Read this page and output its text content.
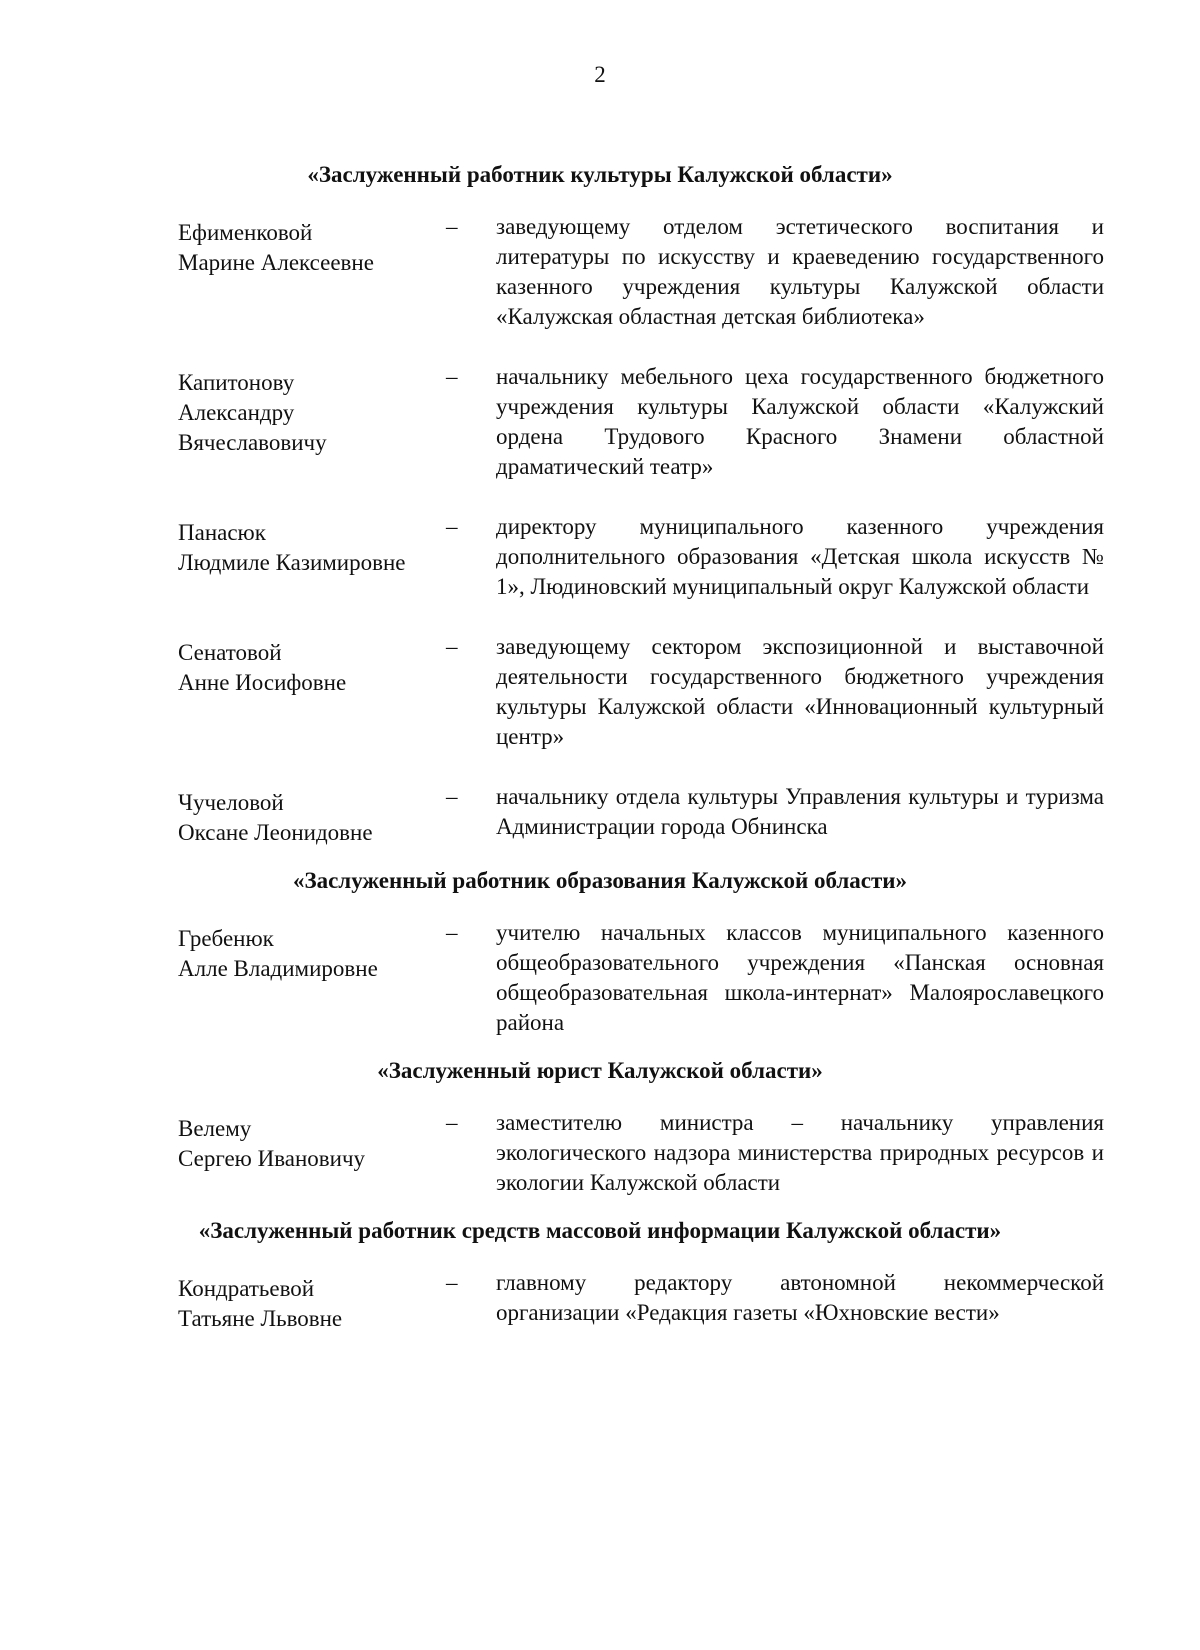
2
«Заслуженный работник культуры Калужской области»
Ефименковой
Марине Алексеевне
–	заведующему отделом эстетического воспитания и литературы по искусству и краеведению государственного казенного учреждения культуры Калужской области «Калужская областная детская библиотека»
Капитонову
Александру
Вячеславовичу
–	начальнику мебельного цеха государственного бюджетного учреждения культуры Калужской области «Калужский ордена Трудового Красного Знамени областной драматический театр»
Панасюк
Людмиле Казимировне
–	директору муниципального казенного учреждения дополнительного образования «Детская школа искусств № 1», Людиновский муниципальный округ Калужской области
Сенатовой
Анне Иосифовне
–	заведующему сектором экспозиционной и выставочной деятельности государственного бюджетного учреждения культуры Калужской области «Инновационный культурный центр»
Чучеловой
Оксане Леонидовне
–	начальнику отдела культуры Управления культуры и туризма Администрации города Обнинска
«Заслуженный работник образования Калужской области»
Гребенюк
Алле Владимировне
–	учителю начальных классов муниципального казенного общеобразовательного учреждения «Панская основная общеобразовательная школа-интернат» Малоярославецкого района
«Заслуженный юрист Калужской области»
Велему
Сергею Ивановичу
–	заместителю министра – начальнику управления экологического надзора министерства природных ресурсов и экологии Калужской области
«Заслуженный работник средств массовой информации Калужской области»
Кондратьевой
Татьяне Львовне
–	главному редактору автономной некоммерческой организации «Редакция газеты «Юхновские вести»
